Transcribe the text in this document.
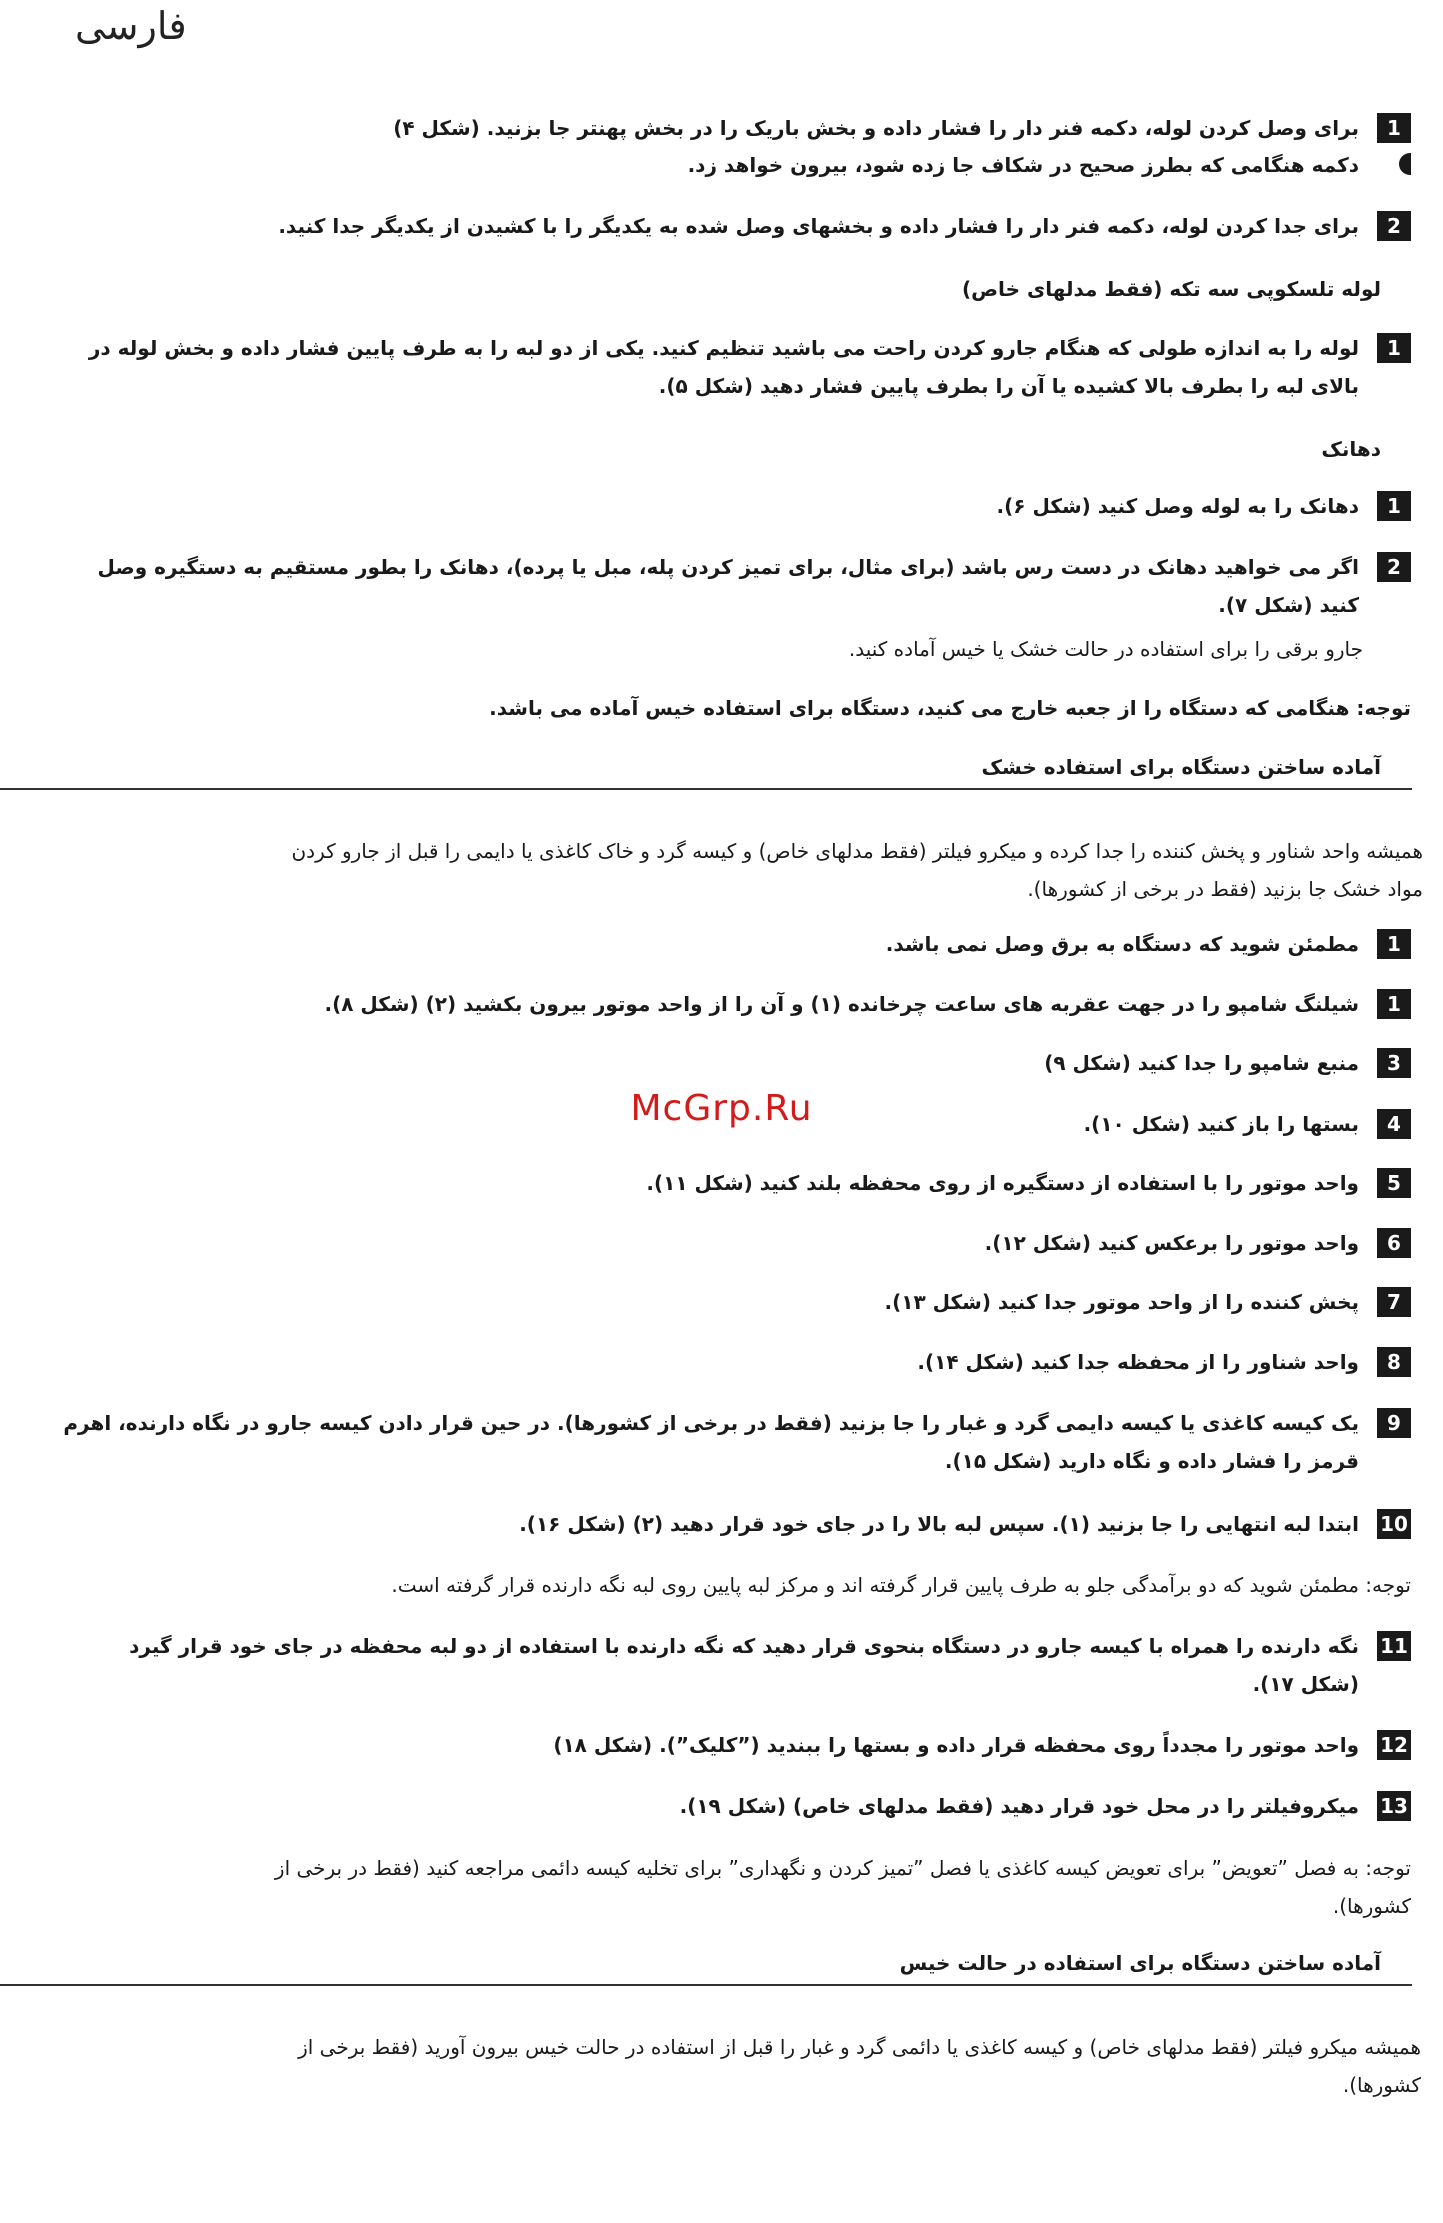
فارسی
1
برای وصل کردن لوله، دکمه فنر دار را فشار داده و بخش باریک را در بخش پهنتر جا بزنید. (شکل ۴)
دکمه هنگامی که بطرز صحیح در شکاف جا زده شود، بیرون خواهد زد.
2
برای جدا کردن لوله، دکمه فنر دار را فشار داده و بخشهای وصل شده به یکدیگر را با کشیدن از یکدیگر جدا کنید.
لوله تلسکوپی سه تکه (فقط مدلهای خاص)
1
لوله را به اندازه طولی که هنگام جارو کردن راحت می باشید تنظیم کنید. یکی از دو لبه را به طرف پایین فشار داده و بخش لوله در
بالای لبه را بطرف بالا کشیده یا آن را بطرف پایین فشار دهید (شکل ۵).
دهانک
1
دهانک را به لوله وصل کنید (شکل ۶).
2
اگر می خواهید دهانک در دست رس باشد (برای مثال، برای تمیز کردن پله، مبل یا پرده)، دهانک را بطور مستقیم به دستگیره وصل
کنید (شکل ۷).
جارو برقی را برای استفاده در حالت خشک یا خیس آماده کنید.
توجه: هنگامی که دستگاه را از جعبه خارج می کنید، دستگاه برای استفاده خیس آماده می باشد.
آماده ساختن دستگاه برای استفاده خشک
همیشه واحد شناور و پخش کننده را جدا کرده و میکرو فیلتر (فقط مدلهای خاص) و کیسه گرد و خاک کاغذی یا دایمی را قبل از جارو کردن
مواد خشک جا بزنید (فقط در برخی از کشورها).
1
مطمئن شوید که دستگاه به برق وصل نمی باشد.
1
شیلنگ شامپو را در جهت عقربه های ساعت چرخانده (۱) و آن را از واحد موتور بیرون بکشید (۲) (شکل ۸).
3
منبع شامپو را جدا کنید (شکل ۹)
4
بستها را باز کنید (شکل ۱۰).
5
واحد موتور را با استفاده از دستگیره از روی محفظه بلند کنید (شکل ۱۱).
6
واحد موتور را برعکس کنید (شکل ۱۲).
7
پخش کننده را از واحد موتور جدا کنید (شکل ۱۳).
8
واحد شناور را از محفظه جدا کنید (شکل ۱۴).
9
یک کیسه کاغذی یا کیسه دایمی گرد و غبار را جا بزنید (فقط در برخی از کشورها). در حین قرار دادن کیسه جارو در نگاه دارنده، اهرم
قرمز را فشار داده و نگاه دارید (شکل ۱۵).
10
ابتدا لبه انتهایی را جا بزنید (۱). سپس لبه بالا را در جای خود قرار دهید (۲) (شکل ۱۶).
توجه: مطمئن شوید که دو برآمدگی جلو به طرف پایین قرار گرفته اند و مرکز لبه پایین روی لبه نگه دارنده قرار گرفته است.
11
نگه دارنده را همراه با کیسه جارو در دستگاه بنحوی قرار دهید که نگه دارنده با استفاده از دو لبه محفظه در جای خود قرار گیرد
(شکل ۱۷).
12
واحد موتور را مجدداً روی محفظه قرار داده و بستها را ببندید (”کلیک”). (شکل ۱۸)
13
میکروفیلتر را در محل خود قرار دهید (فقط مدلهای خاص) (شکل ۱۹).
توجه: به فصل ”تعویض” برای تعویض کیسه کاغذی یا فصل ”تمیز کردن و نگهداری” برای تخلیه کیسه دائمی مراجعه کنید (فقط در برخی از
کشورها).
آماده ساختن دستگاه برای استفاده در حالت خیس
همیشه میکرو فیلتر (فقط مدلهای خاص) و کیسه کاغذی یا دائمی گرد و غبار را قبل از استفاده در حالت خیس بیرون آورید (فقط برخی از
کشورها).
McGrp.Ru
